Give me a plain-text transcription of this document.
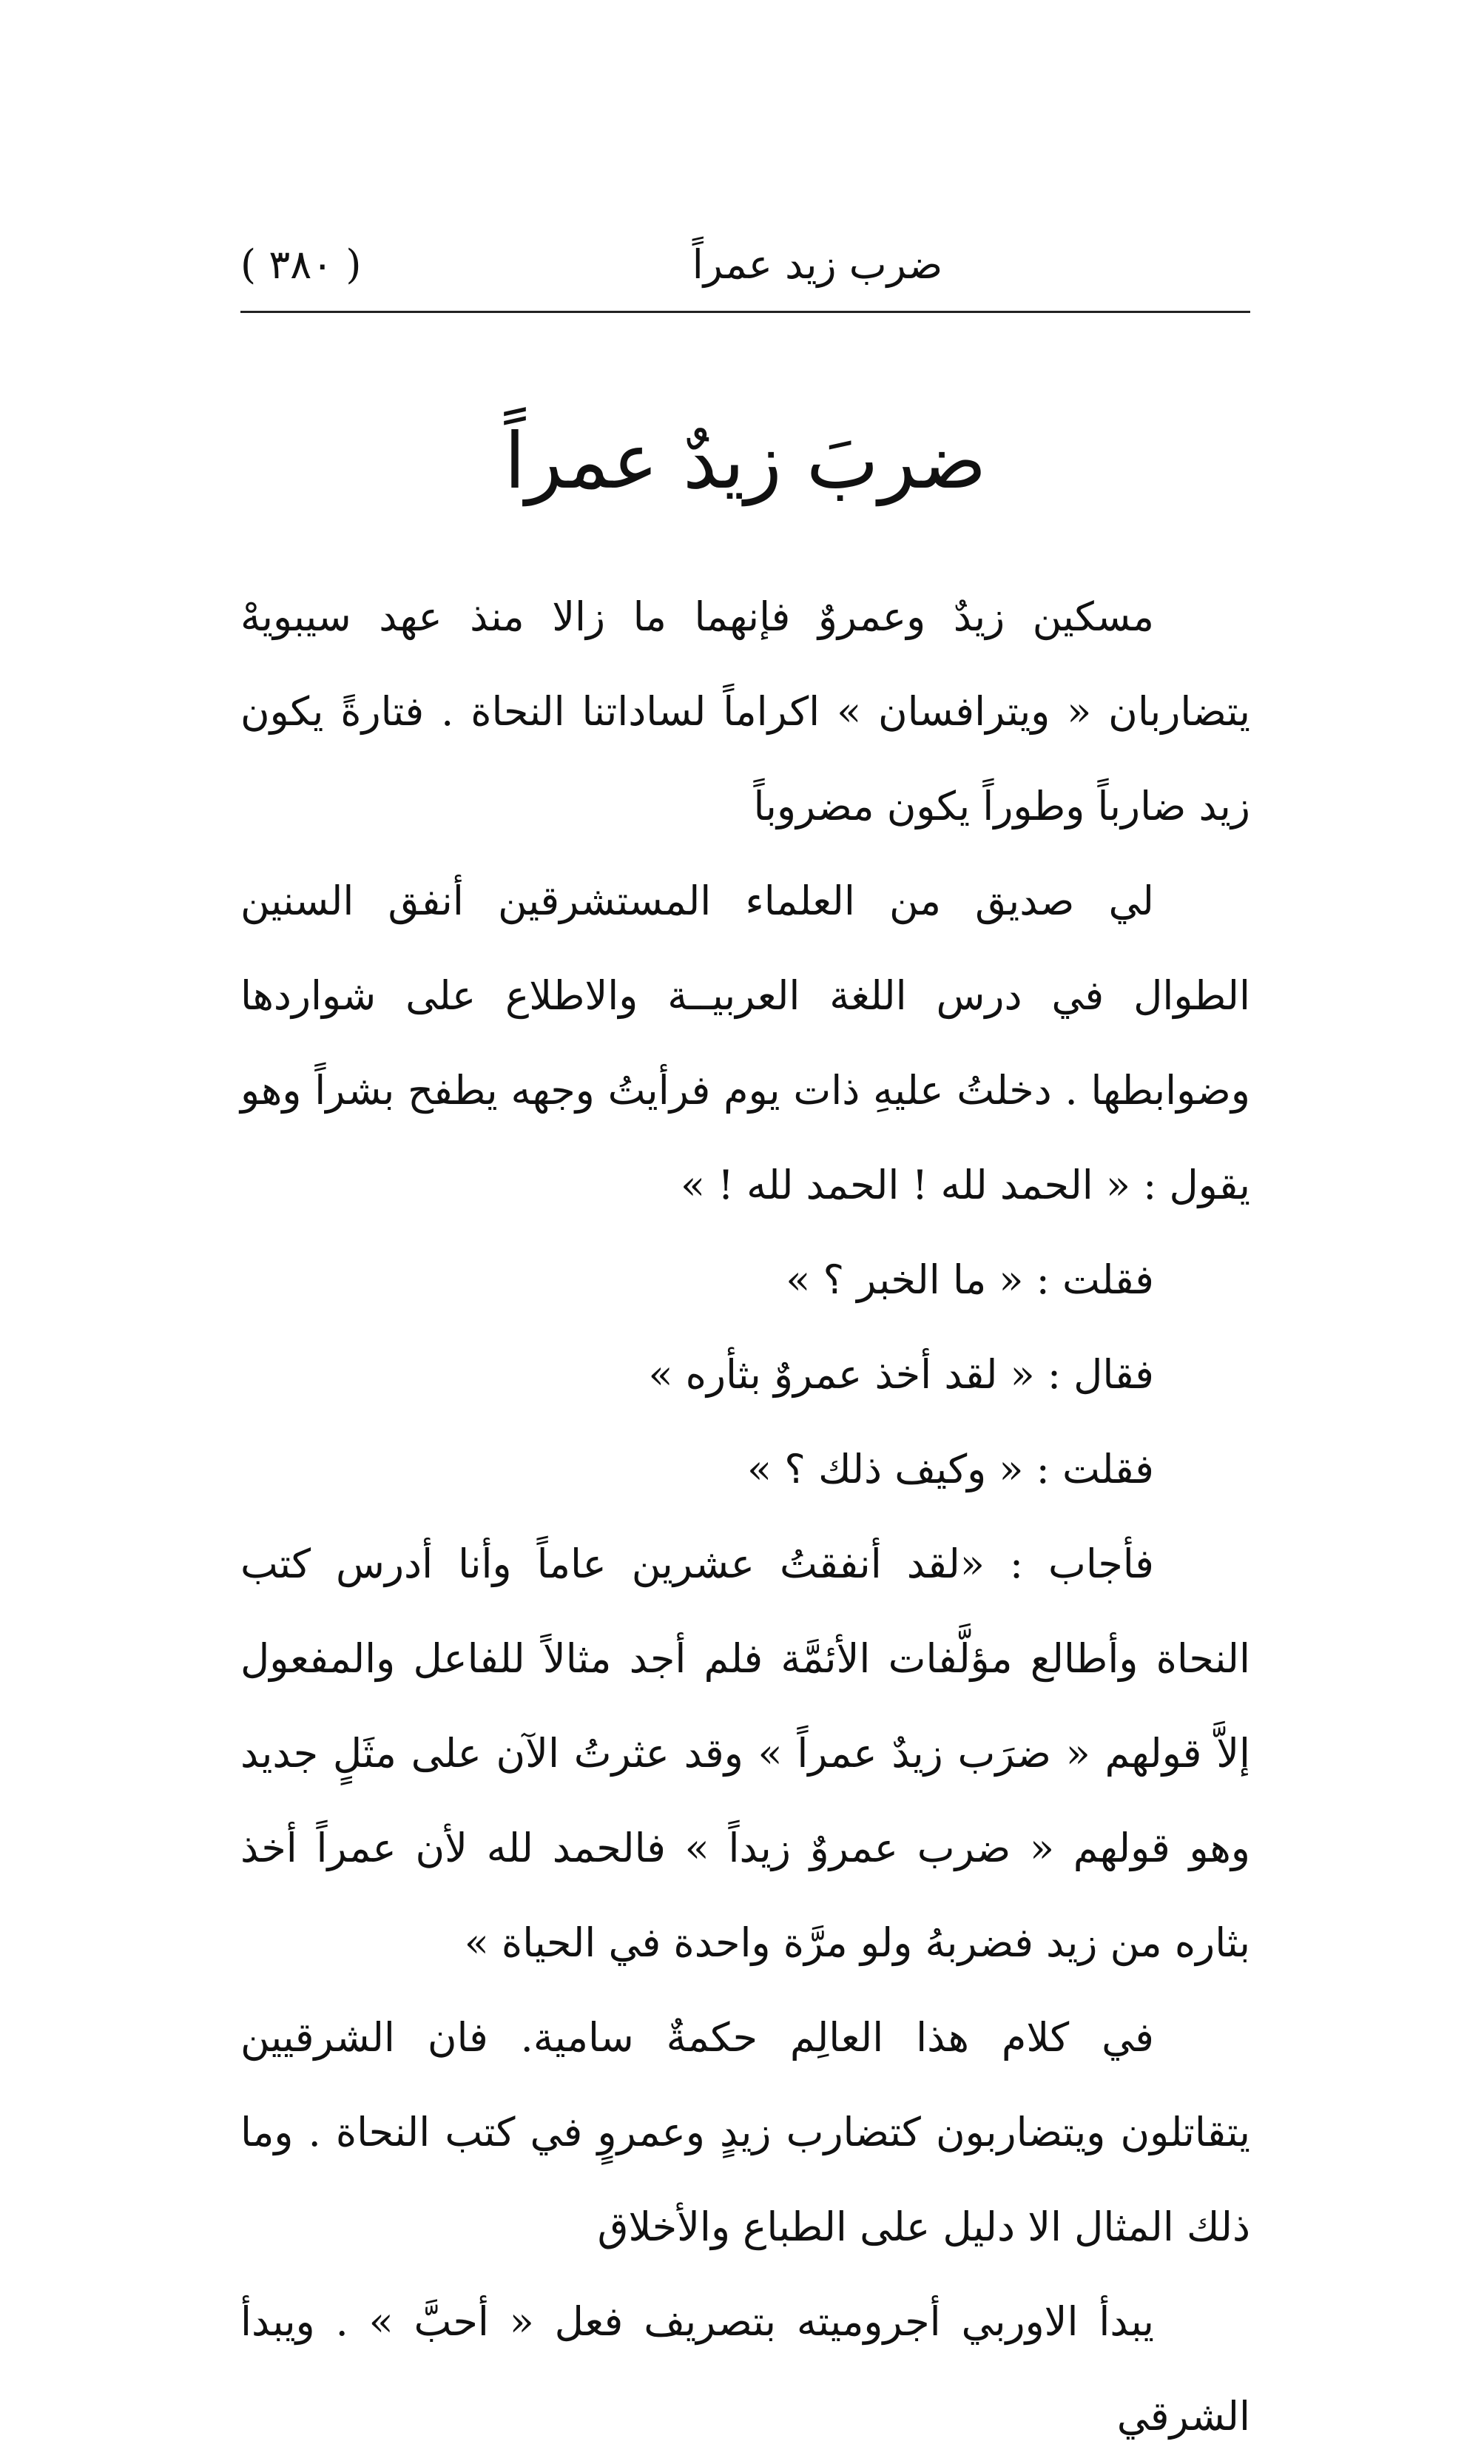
( ٣٨٠ )	ضرب زيد عمراً
ضربَ زيدٌ عمراً

مسكين زيدٌ وعمروٌ فإنهما ما زالا منذ عهد سيبويهْ يتضاربان « ويترافسان » اكراماً لساداتنا النحاة . فتارةً يكون زيد ضارباً وطوراً يكون مضروباً

لي صديق من العلماء المستشرقين أنفق السنين الطوال في درس اللغة العربيــة والاطلاع على شواردها وضوابطها . دخلتُ عليهِ ذات يوم فرأيتُ وجهه يطفح بشراً وهو يقول : « الحمد لله ! الحمد لله ! »

فقلت : « ما الخبر ؟ »

فقال : « لقد أخذ عمروٌ بثأره »

فقلت : « وكيف ذلك ؟ »

فأجاب : «لقد أنفقتُ عشرين عاماً وأنا أدرس كتب النحاة وأطالع مؤلَّفات الأئمَّة فلم أجد مثالاً للفاعل والمفعول إلاَّ قولهم « ضرَب زيدٌ عمراً » وقد عثرتُ الآن على مثَلٍ جديد وهو قولهم « ضرب عمروٌ زيداً » فالحمد لله لأن عمراً أخذ بثاره من زيد فضربهُ ولو مرَّة واحدة في الحياة »

في كلام هذا العالِم حكمةٌ سامية. فان الشرقيين يتقاتلون ويتضاربون كتضارب زيدٍ وعمروٍ في كتب النحاة . وما ذلك المثال الا دليل على الطباع والأخلاق

يبدأ الاوربي أجروميته بتصريف فعل « أحبَّ » . ويبدأ الشرقي
